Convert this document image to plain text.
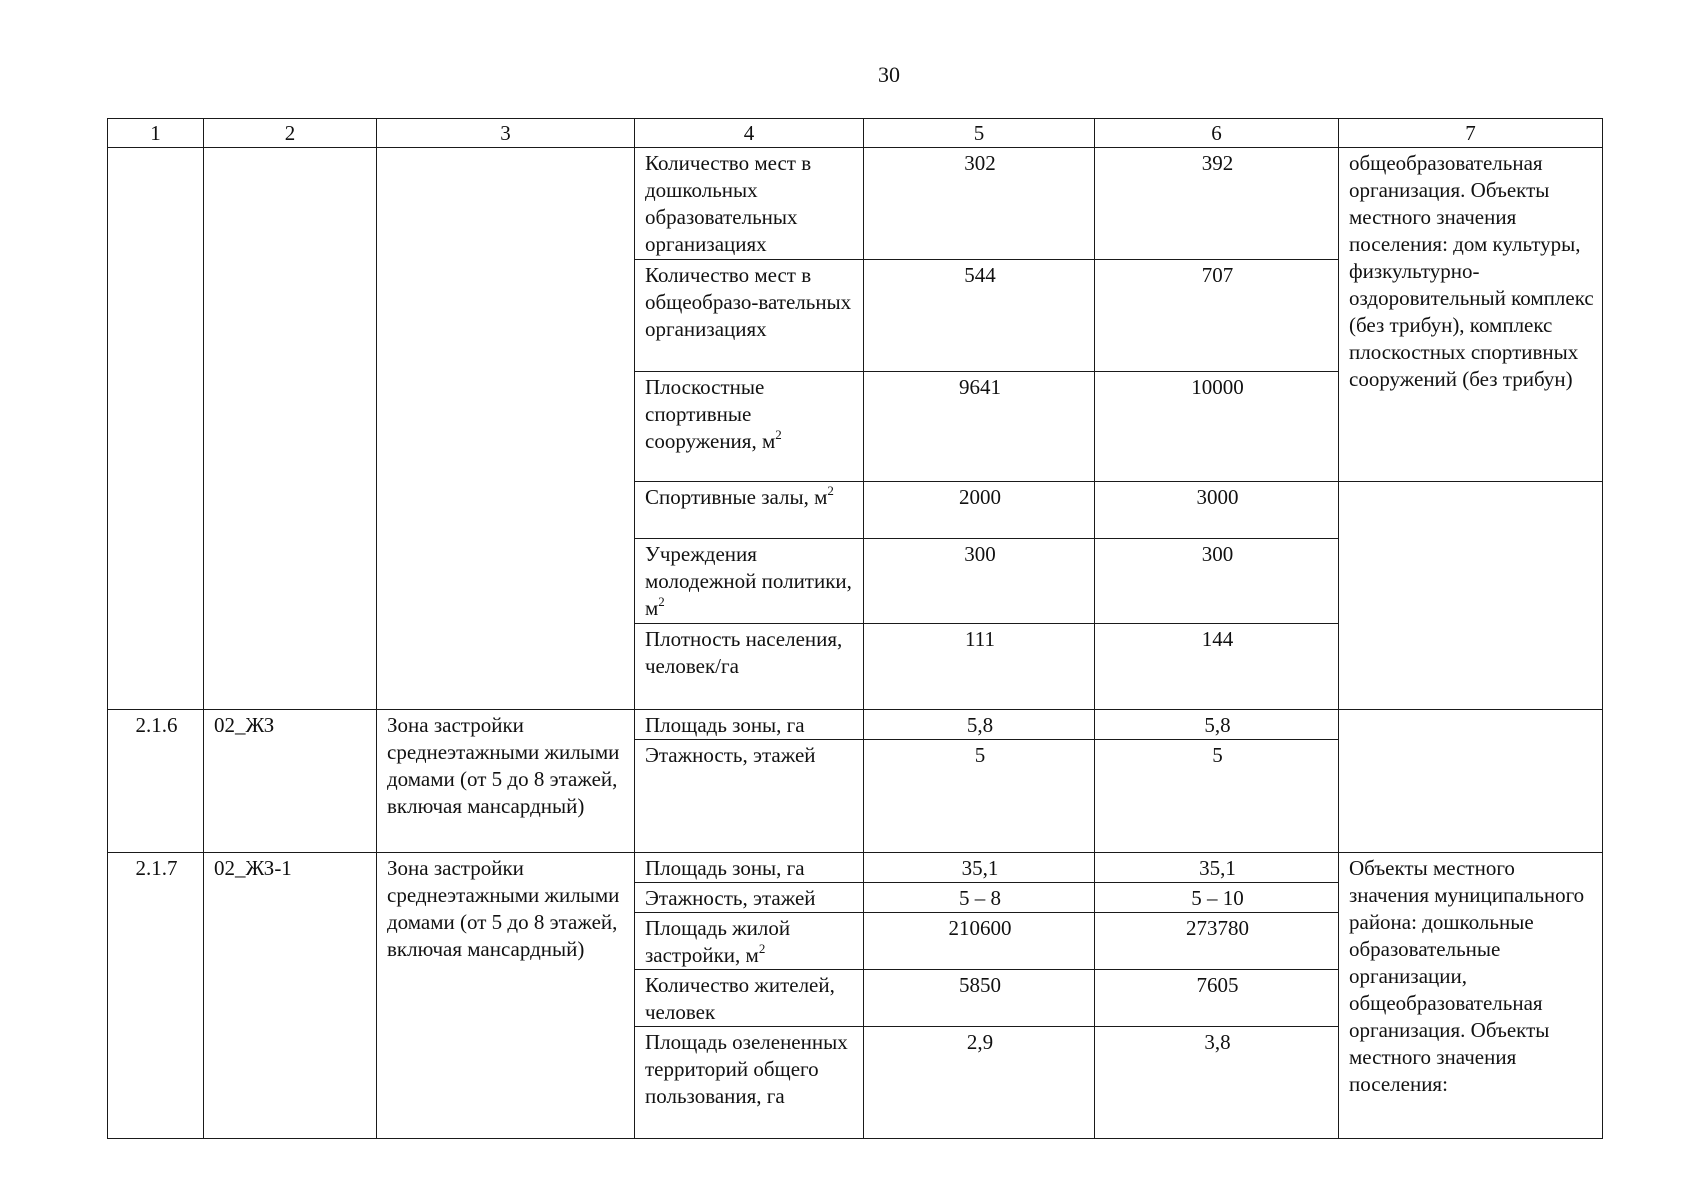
30
1	2	3	4	5	6	7
			Количество мест в дошкольных образовательных организациях	302	392	общеобразовательная организация. Объекты местного значения поселения: дом культуры, физкультурно-оздоровительный комплекс (без трибун), комплекс плоскостных спортивных сооружений (без трибун)
			Количество мест в общеобразо-вательных организациях	544	707	
			Плоскостные спортивные сооружения, $м^2$	9641	10000	
			Спортивные залы, $м^2$	2000	3000	
			Учреждения молодежной политики, $м^2$	300	300	
			Плотность населения, человек/га	111	144	
2.1.6	02_ЖЗ	Зона застройки среднеэтажными жилыми домами (от 5 до 8 этажей, включая мансардный)	Площадь зоны, га	5,8	5,8	
			Этажность, этажей	5	5	
2.1.7	02_ЖЗ-1	Зона застройки среднеэтажными жилыми домами (от 5 до 8 этажей, включая мансардный)	Площадь зоны, га	35,1	35,1	Объекты местного значения муниципального района: дошкольные образовательные организации, общеобразовательная организация. Объекты местного значения поселения:
			Этажность, этажей	5 – 8	5 – 10	
			Площадь жилой застройки, $м^2$	210600	273780	
			Количество жителей, человек	5850	7605	
			Площадь озелененных территорий общего пользования, га	2,9	3,8	
